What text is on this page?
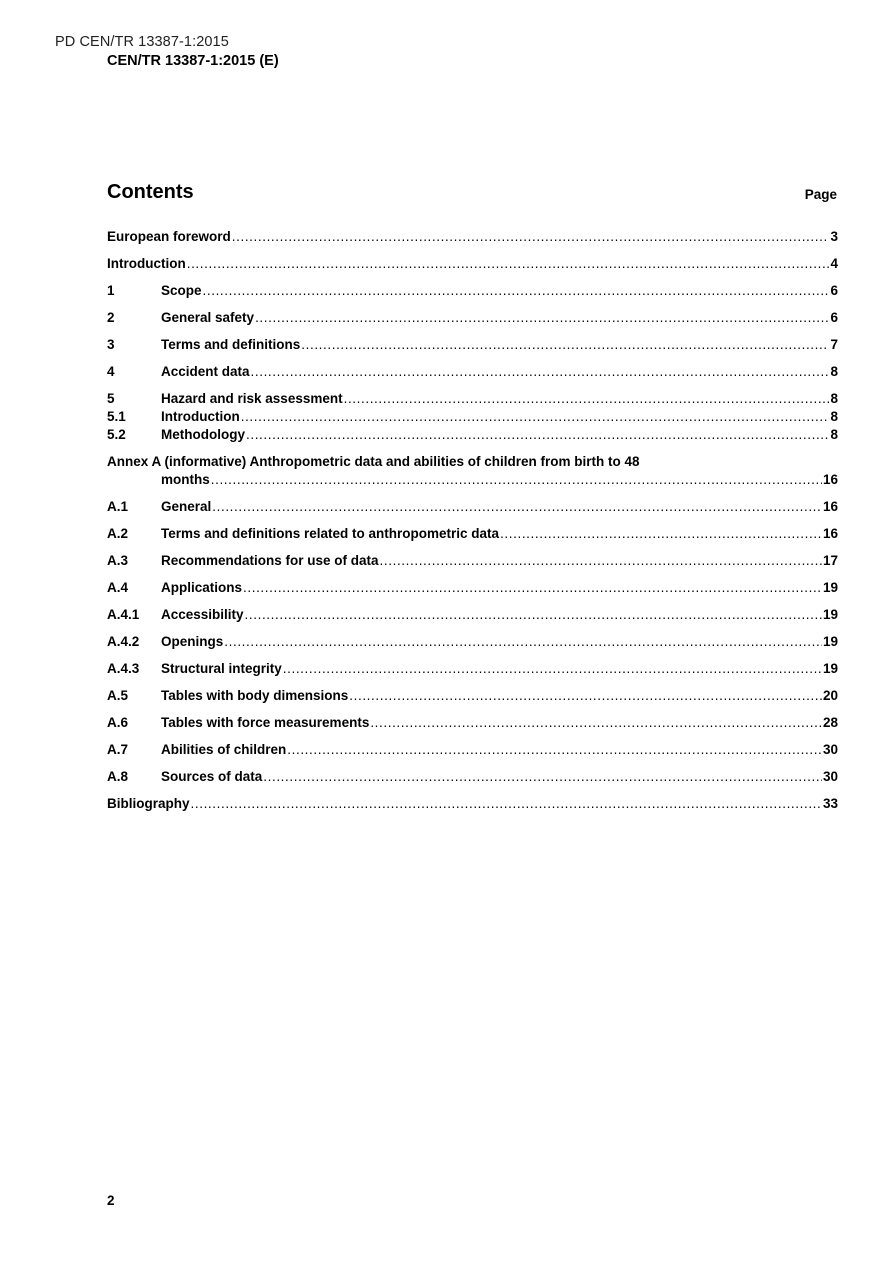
PD CEN/TR 13387-1:2015
CEN/TR 13387-1:2015 (E)
Contents	Page
European foreword .....	3
Introduction .....	4
1	Scope .....	6
2	General safety .....	6
3	Terms and definitions .....	7
4	Accident data .....	8
5	Hazard and risk assessment .....	8
5.1	Introduction .....	8
5.2	Methodology .....	8
Annex A (informative) Anthropometric data and abilities of children from birth to 48
months .....	16
A.1	General .....	16
A.2	Terms and definitions related to anthropometric data .....	16
A.3	Recommendations for use of data .....	17
A.4	Applications .....	19
A.4.1	Accessibility .....	19
A.4.2	Openings .....	19
A.4.3	Structural integrity .....	19
A.5	Tables with body dimensions .....	20
A.6	Tables with force measurements .....	28
A.7	Abilities of children .....	30
A.8	Sources of data .....	30
Bibliography .....	33
2
